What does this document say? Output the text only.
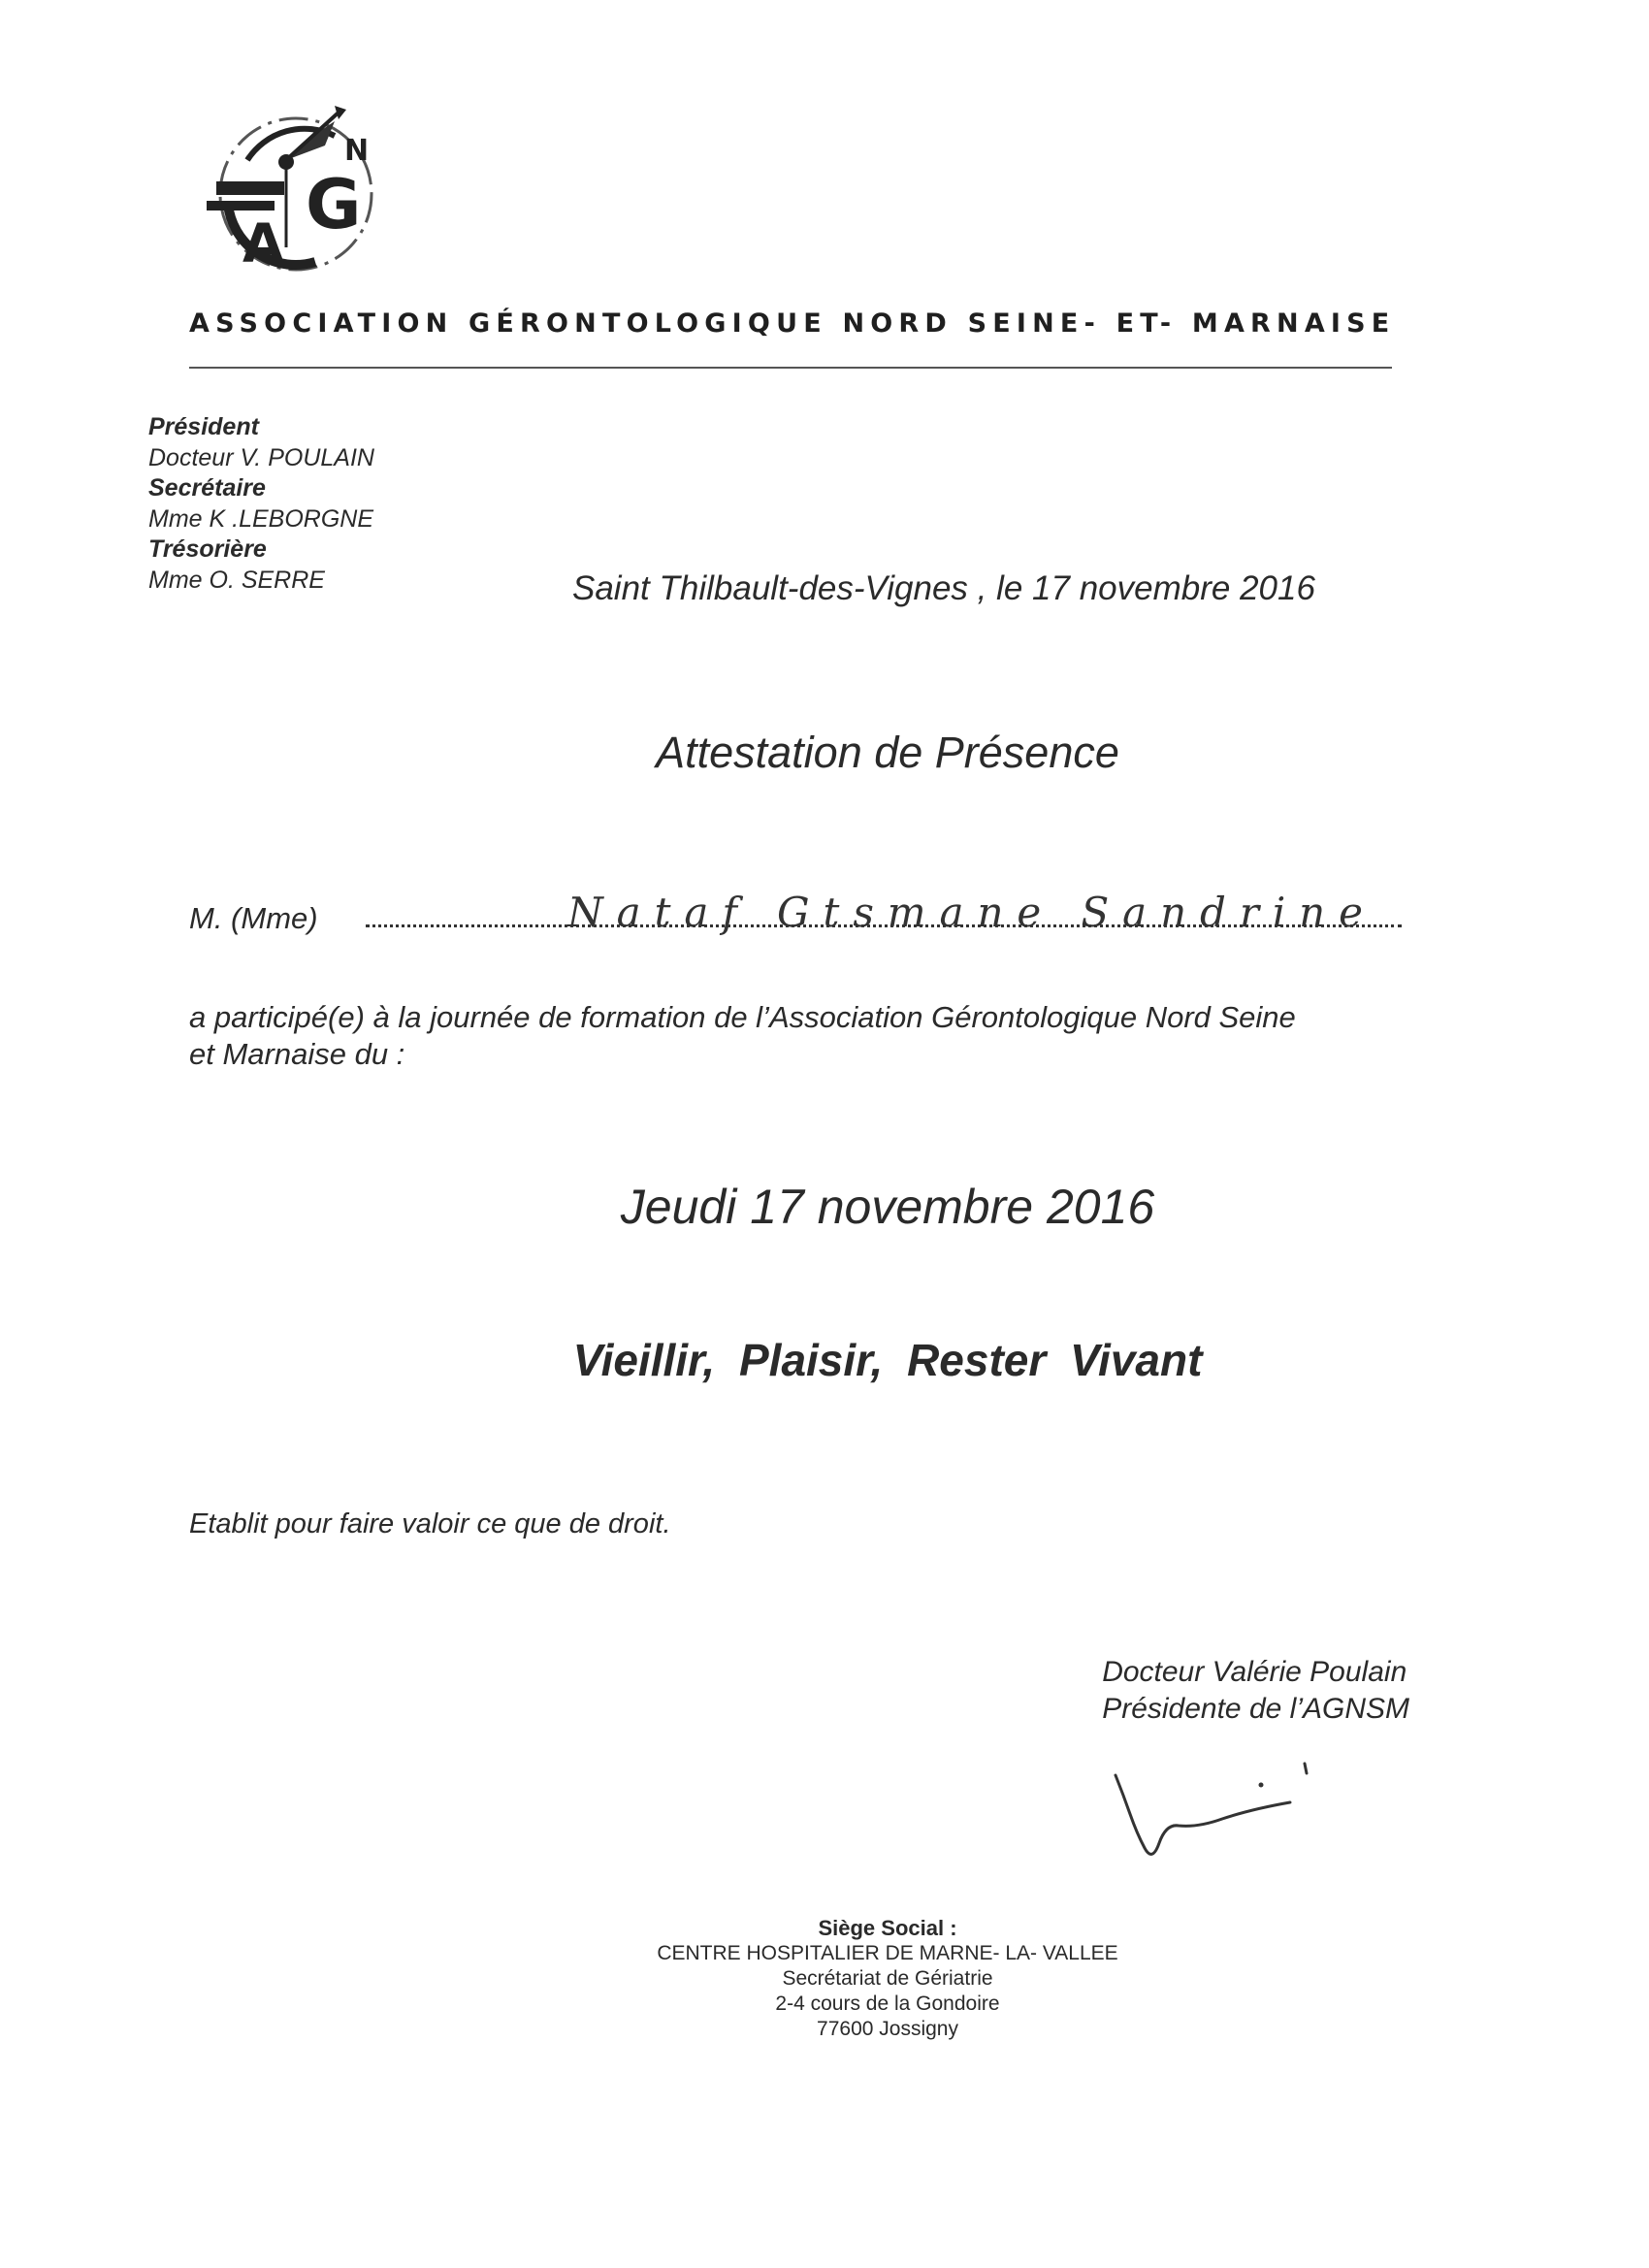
G
A
N
ASSOCIATION GÉRONTOLOGIQUE NORD SEINE- ET- MARNAISE
Président
Docteur V. POULAIN
Secrétaire
Mme K .LEBORGNE
Trésorière
Mme O. SERRE	Saint Thilbault-des-Vignes , le 17 novembre 2016
Attestation de Présence
M. (Mme)	Nataf Gtsmane Sandrine
a participé(e) à la journée de formation de l’Association Gérontologique Nord Seine
et Marnaise du :
Jeudi 17 novembre 2016
Vieillir, Plaisir, Rester Vivant
Etablit pour faire valoir ce que de droit.
Docteur Valérie Poulain
Présidente de l’AGNSM
Siège Social :
CENTRE HOSPITALIER DE MARNE- LA- VALLEE
Secrétariat de Gériatrie
2-4 cours de la Gondoire
77600 Jossigny
